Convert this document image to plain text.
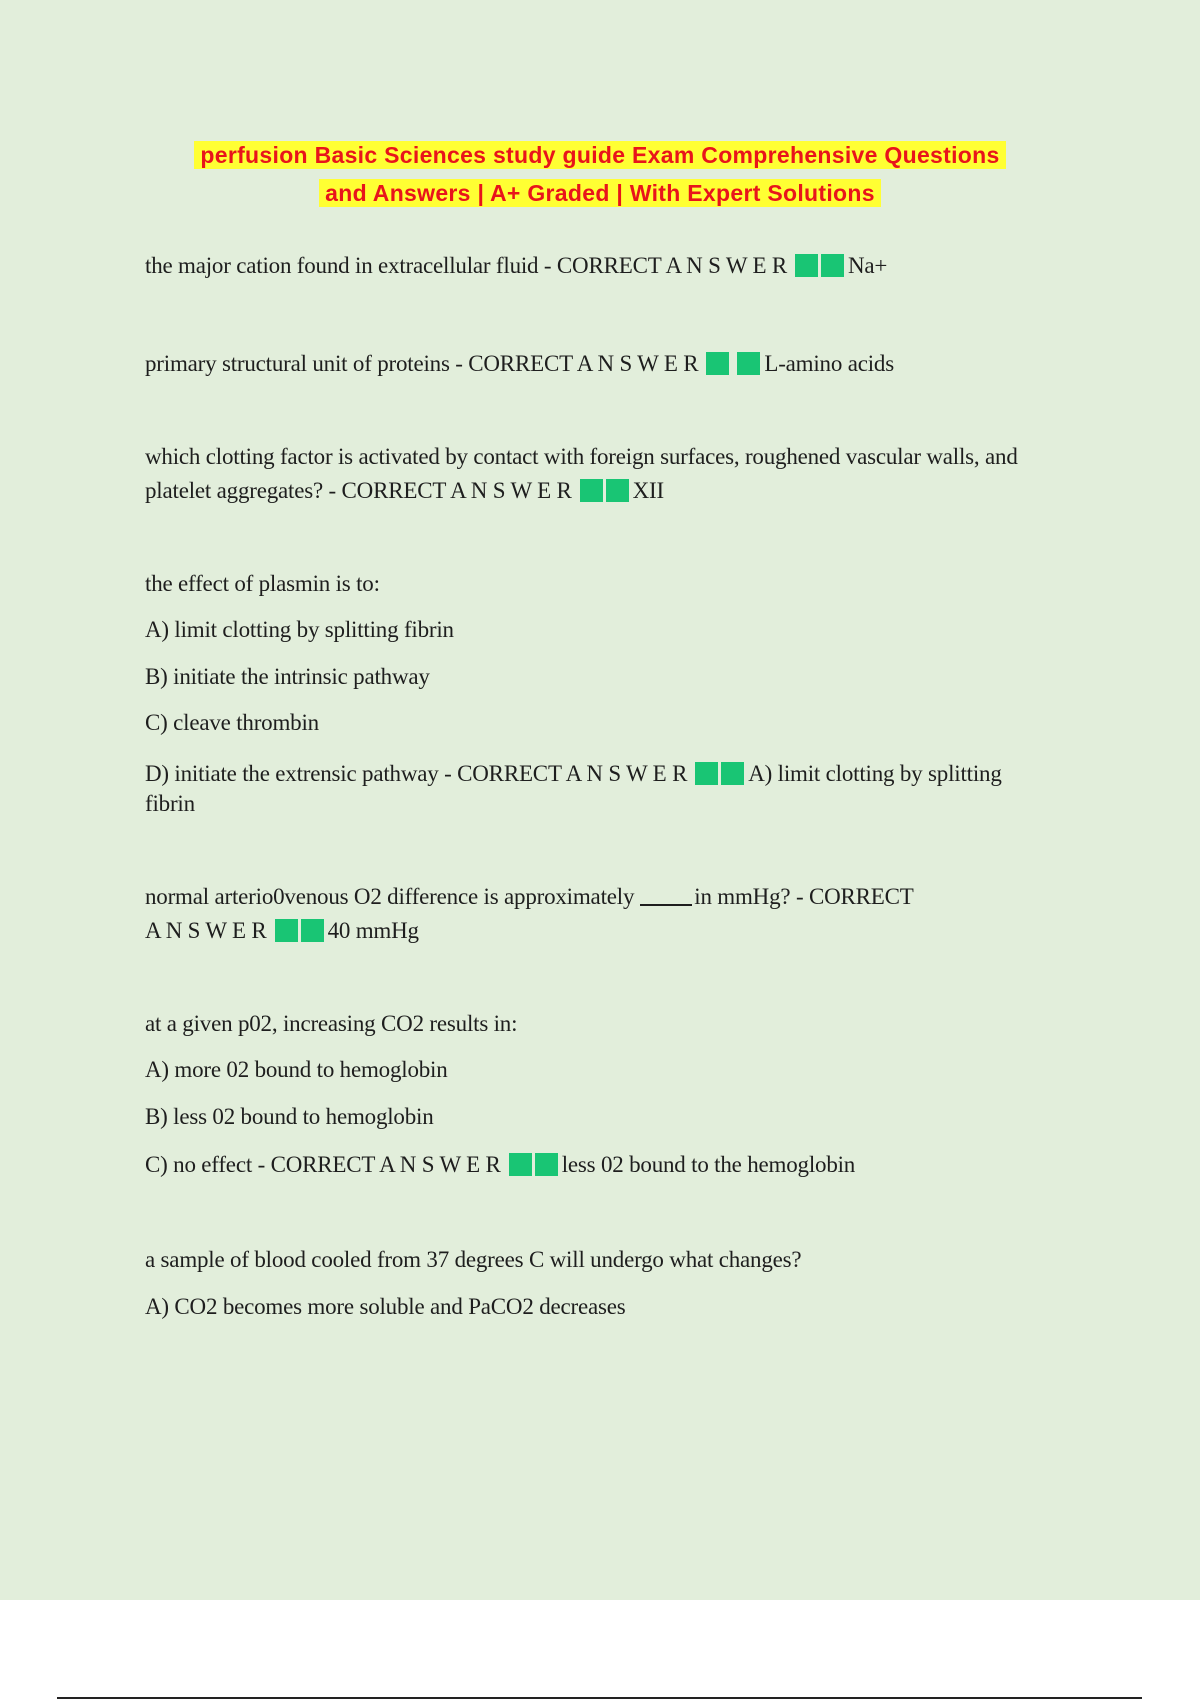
perfusion Basic Sciences study guide Exam Comprehensive Questions
and Answers | A+ Graded | With Expert Solutions
the major cation found in extracellular fluid - CORRECT A N S W E R	Na+
primary structural unit of proteins - CORRECT A N S W E R	L-amino acids
which clotting factor is activated by contact with foreign surfaces, roughened vascular walls, and
platelet aggregates? - CORRECT A N S W E R	XII
the effect of plasmin is to:
A) limit clotting by splitting fibrin
B) initiate the intrinsic pathway
C) cleave thrombin
D) initiate the extrensic pathway - CORRECT A N S W E R	A) limit clotting by splitting
fibrin
normal arterio0venous O2 difference is approximately	in mmHg? - CORRECT
A N S W E R	40 mmHg
at a given p02, increasing CO2 results in:
A) more 02 bound to hemoglobin
B) less 02 bound to hemoglobin
C) no effect - CORRECT A N S W E R	less 02 bound to the hemoglobin
a sample of blood cooled from 37 degrees C will undergo what changes?
A) CO2 becomes more soluble and PaCO2 decreases
